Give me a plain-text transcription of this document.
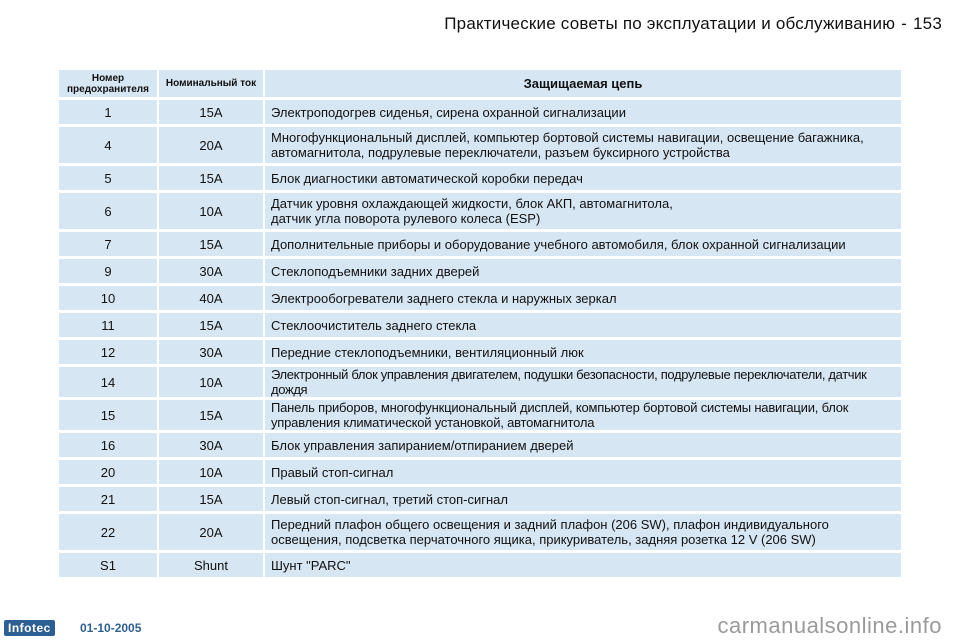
Практические советы по эксплуатации и обслуживанию - 153
Номер предохранителя	Номинальный ток	Защищаемая цепь
1	15A	Электроподогрев сиденья, сирена охранной сигнализации
4	20A	Многофункциональный дисплей, компьютер бортовой системы навигации, освещение багажника, автомагнитола, подрулевые переключатели, разъем буксирного устройства
5	15A	Блок диагностики автоматической коробки передач
6	10A	Датчик уровня охлаждающей жидкости, блок АКП, автомагнитола, датчик угла поворота рулевого колеса (ESP)
7	15A	Дополнительные приборы и оборудование учебного автомобиля, блок охранной сигнализации
9	30A	Стеклоподъемники задних дверей
10	40A	Электрообогреватели заднего стекла и наружных зеркал
11	15A	Стеклоочиститель заднего стекла
12	30A	Передние стеклоподъемники, вентиляционный люк
14	10A	Электронный блок управления двигателем, подушки безопасности, подрулевые переключатели, датчик дождя
15	15A	Панель приборов, многофункциональный дисплей, компьютер бортовой системы навигации, блок управления климатической установкой, автомагнитола
16	30A	Блок управления запиранием/отпиранием дверей
20	10A	Правый стоп-сигнал
21	15A	Левый стоп-сигнал, третий стоп-сигнал
22	20A	Передний плафон общего освещения и задний плафон (206 SW), плафон индивидуального освещения, подсветка перчаточного ящика, прикуриватель, задняя розетка 12 V (206 SW)
S1	Shunt	Шунт "PARC"
Infotec	01-10-2005	carmanualsonline.info
